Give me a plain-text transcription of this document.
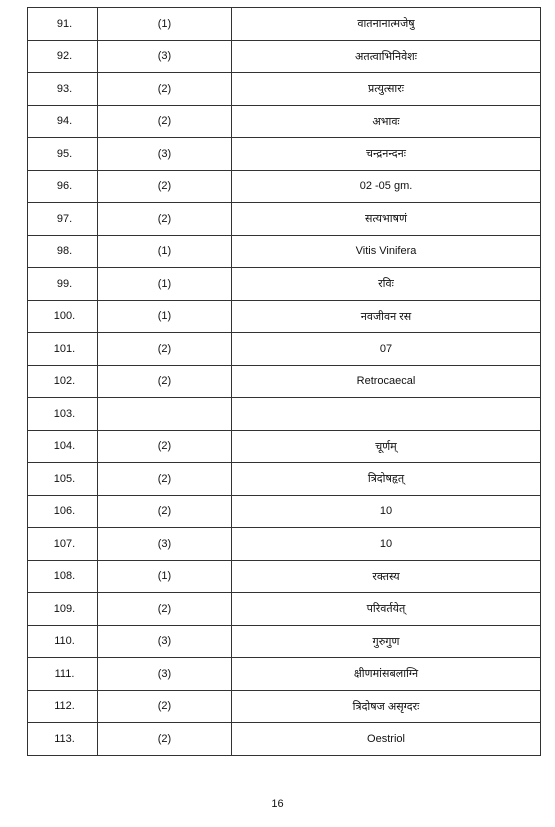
91.	(1)	वातनानात्मजेषु
92.	(3)	अतत्वाभिनिवेशः
93.	(2)	प्रत्युत्सारः
94.	(2)	अभावः
95.	(3)	चन्द्रनन्दनः
96.	(2)	02 -05 gm.
97.	(2)	सत्यभाषणं
98.	(1)	Vitis Vinifera
99.	(1)	रविः
100.	(1)	नवजीवन रस
101.	(2)	07
102.	(2)	Retrocaecal
103.		
104.	(2)	चूर्णम्
105.	(2)	त्रिदोषहृत्
106.	(2)	10
107.	(3)	10
108.	(1)	रक्तस्य
109.	(2)	परिवर्तयेत्
110.	(3)	गुरुगुण
111.	(3)	क्षीणमांसबलाग्नि
112.	(2)	त्रिदोषज असृग्दरः
113.	(2)	Oestriol
16
